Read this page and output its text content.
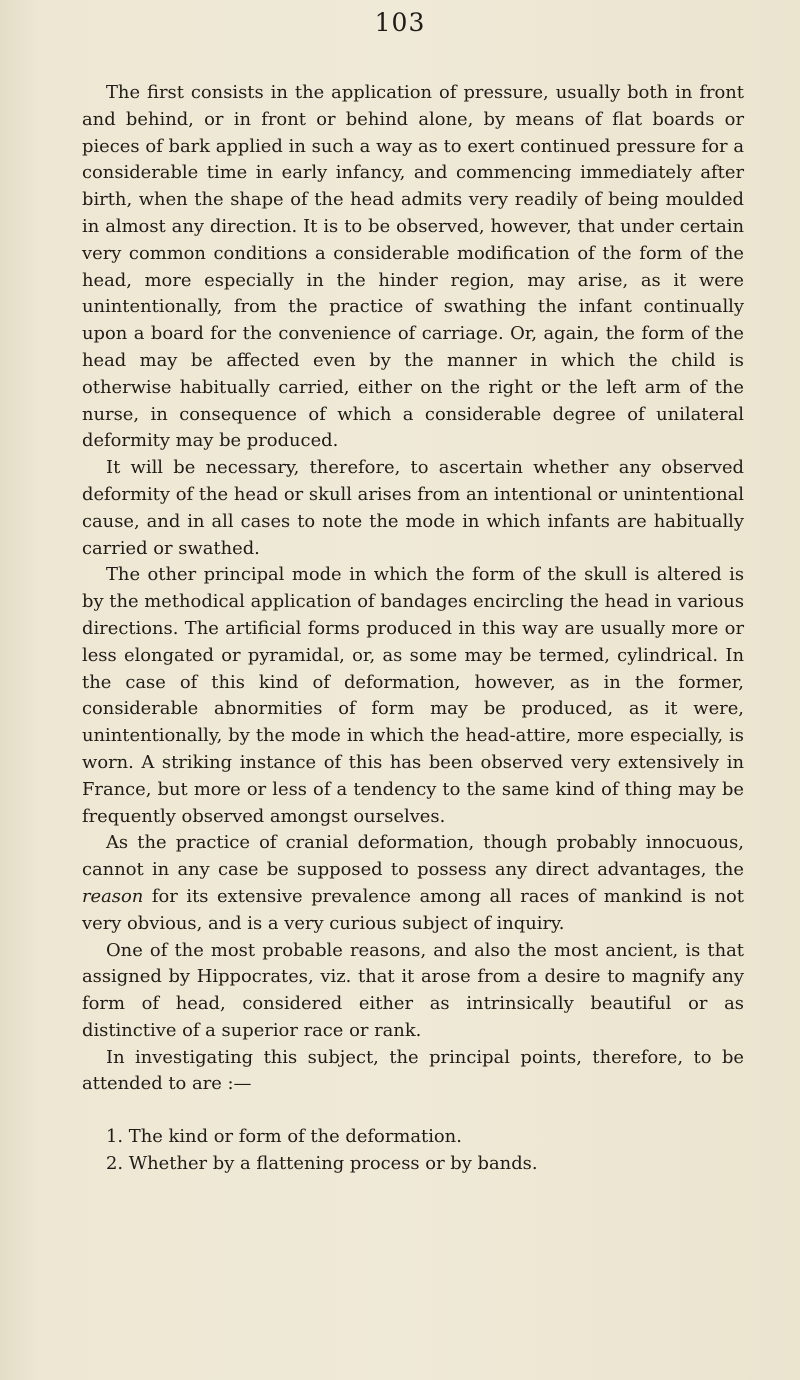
103

The first consists in the application of pressure, usually both in front and behind, or in front or behind alone, by means of flat boards or pieces of bark applied in such a way as to exert continued pressure for a considerable time in early infancy, and commencing immediately after birth, when the shape of the head admits very readily of being moulded in almost any direction. It is to be observed, however, that under certain very common conditions a considerable modification of the form of the head, more especially in the hinder region, may arise, as it were unintentionally, from the practice of swathing the infant continually upon a board for the convenience of carriage. Or, again, the form of the head may be affected even by the manner in which the child is otherwise habitually carried, either on the right or the left arm of the nurse, in consequence of which a considerable degree of unilateral deformity may be produced.

It will be necessary, therefore, to ascertain whether any observed deformity of the head or skull arises from an intentional or unintentional cause, and in all cases to note the mode in which infants are habitually carried or swathed.

The other principal mode in which the form of the skull is altered is by the methodical application of bandages encircling the head in various directions. The artificial forms produced in this way are usually more or less elongated or pyramidal, or, as some may be termed, cylindrical. In the case of this kind of deformation, however, as in the former, considerable abnormities of form may be produced, as it were, unintentionally, by the mode in which the head-attire, more especially, is worn. A striking instance of this has been observed very extensively in France, but more or less of a tendency to the same kind of thing may be frequently observed amongst ourselves.

As the practice of cranial deformation, though probably innocuous, cannot in any case be supposed to possess any direct advantages, the reason for its extensive prevalence among all races of mankind is not very obvious, and is a very curious subject of inquiry.

One of the most probable reasons, and also the most ancient, is that assigned by Hippocrates, viz. that it arose from a desire to magnify any form of head, considered either as intrinsically beautiful or as distinctive of a superior race or rank.

In investigating this subject, the principal points, therefore, to be attended to are :—

1. The kind or form of the deformation.

2. Whether by a flattening process or by bands.
